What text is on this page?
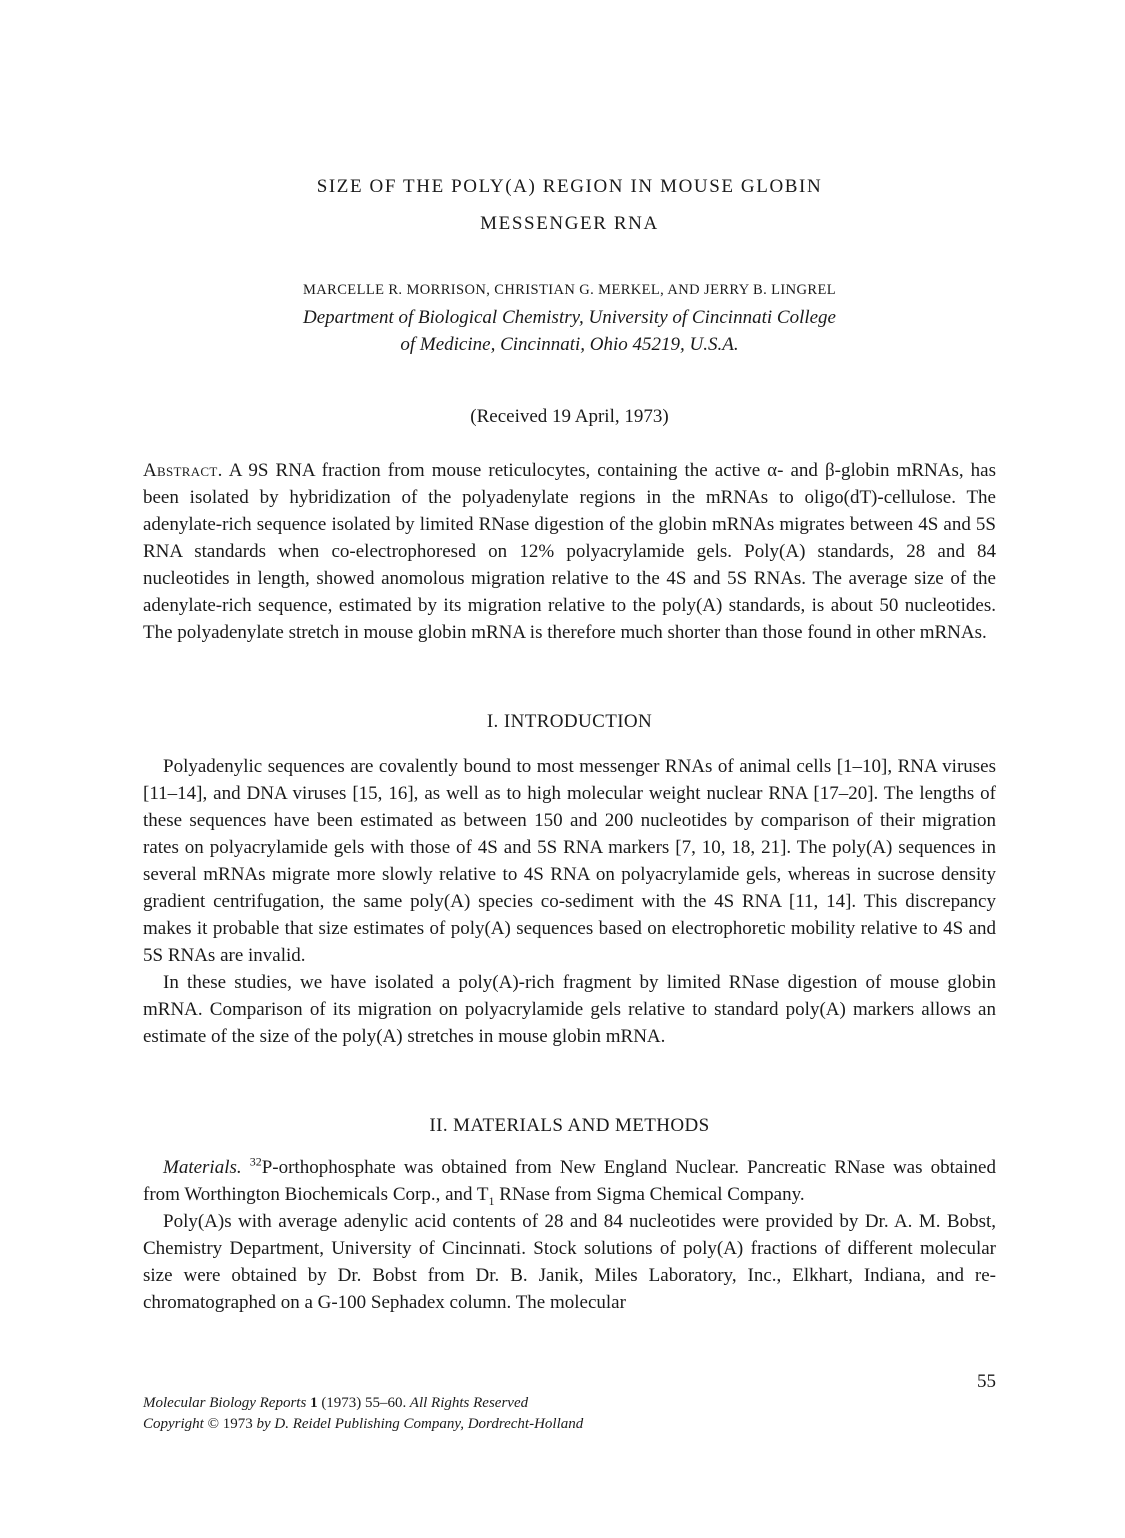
SIZE OF THE POLY(A) REGION IN MOUSE GLOBIN
MESSENGER RNA
MARCELLE R. MORRISON, CHRISTIAN G. MERKEL, AND JERRY B. LINGREL
Department of Biological Chemistry, University of Cincinnati College
of Medicine, Cincinnati, Ohio 45219, U.S.A.
(Received 19 April, 1973)

Abstract. A 9S RNA fraction from mouse reticulocytes, containing the active α- and β-globin mRNAs, has been isolated by hybridization of the polyadenylate regions in the mRNAs to oligo(dT)-cellulose. The adenylate-rich sequence isolated by limited RNase digestion of the globin mRNAs migrates between 4S and 5S RNA standards when co-electrophoresed on 12% polyacrylamide gels. Poly(A) standards, 28 and 84 nucleotides in length, showed anomolous migration relative to the 4S and 5S RNAs. The average size of the adenylate-rich sequence, estimated by its migration relative to the poly(A) standards, is about 50 nucleotides. The polyadenylate stretch in mouse globin mRNA is therefore much shorter than those found in other mRNAs.

I. INTRODUCTION

Polyadenylic sequences are covalently bound to most messenger RNAs of animal cells [1–10], RNA viruses [11–14], and DNA viruses [15, 16], as well as to high molecular weight nuclear RNA [17–20]. The lengths of these sequences have been estimated as between 150 and 200 nucleotides by comparison of their migration rates on polyacrylamide gels with those of 4S and 5S RNA markers [7, 10, 18, 21]. The poly(A) sequences in several mRNAs migrate more slowly relative to 4S RNA on polyacrylamide gels, whereas in sucrose density gradient centrifugation, the same poly(A) species co-sediment with the 4S RNA [11, 14]. This discrepancy makes it probable that size estimates of poly(A) sequences based on electrophoretic mobility relative to 4S and 5S RNAs are invalid.

In these studies, we have isolated a poly(A)-rich fragment by limited RNase digestion of mouse globin mRNA. Comparison of its migration on polyacrylamide gels relative to standard poly(A) markers allows an estimate of the size of the poly(A) stretches in mouse globin mRNA.

II. MATERIALS AND METHODS

Materials. $^{32}$P-orthophosphate was obtained from New England Nuclear. Pancreatic RNase was obtained from Worthington Biochemicals Corp., and $T_1$ RNase from Sigma Chemical Company.

Poly(A)s with average adenylic acid contents of 28 and 84 nucleotides were provided by Dr. A. M. Bobst, Chemistry Department, University of Cincinnati. Stock solutions of poly(A) fractions of different molecular size were obtained by Dr. Bobst from Dr. B. Janik, Miles Laboratory, Inc., Elkhart, Indiana, and re-chromatographed on a G-100 Sephadex column. The molecular

55
Molecular Biology Reports 1 (1973) 55–60. All Rights Reserved
Copyright © 1973 by D. Reidel Publishing Company, Dordrecht-Holland
